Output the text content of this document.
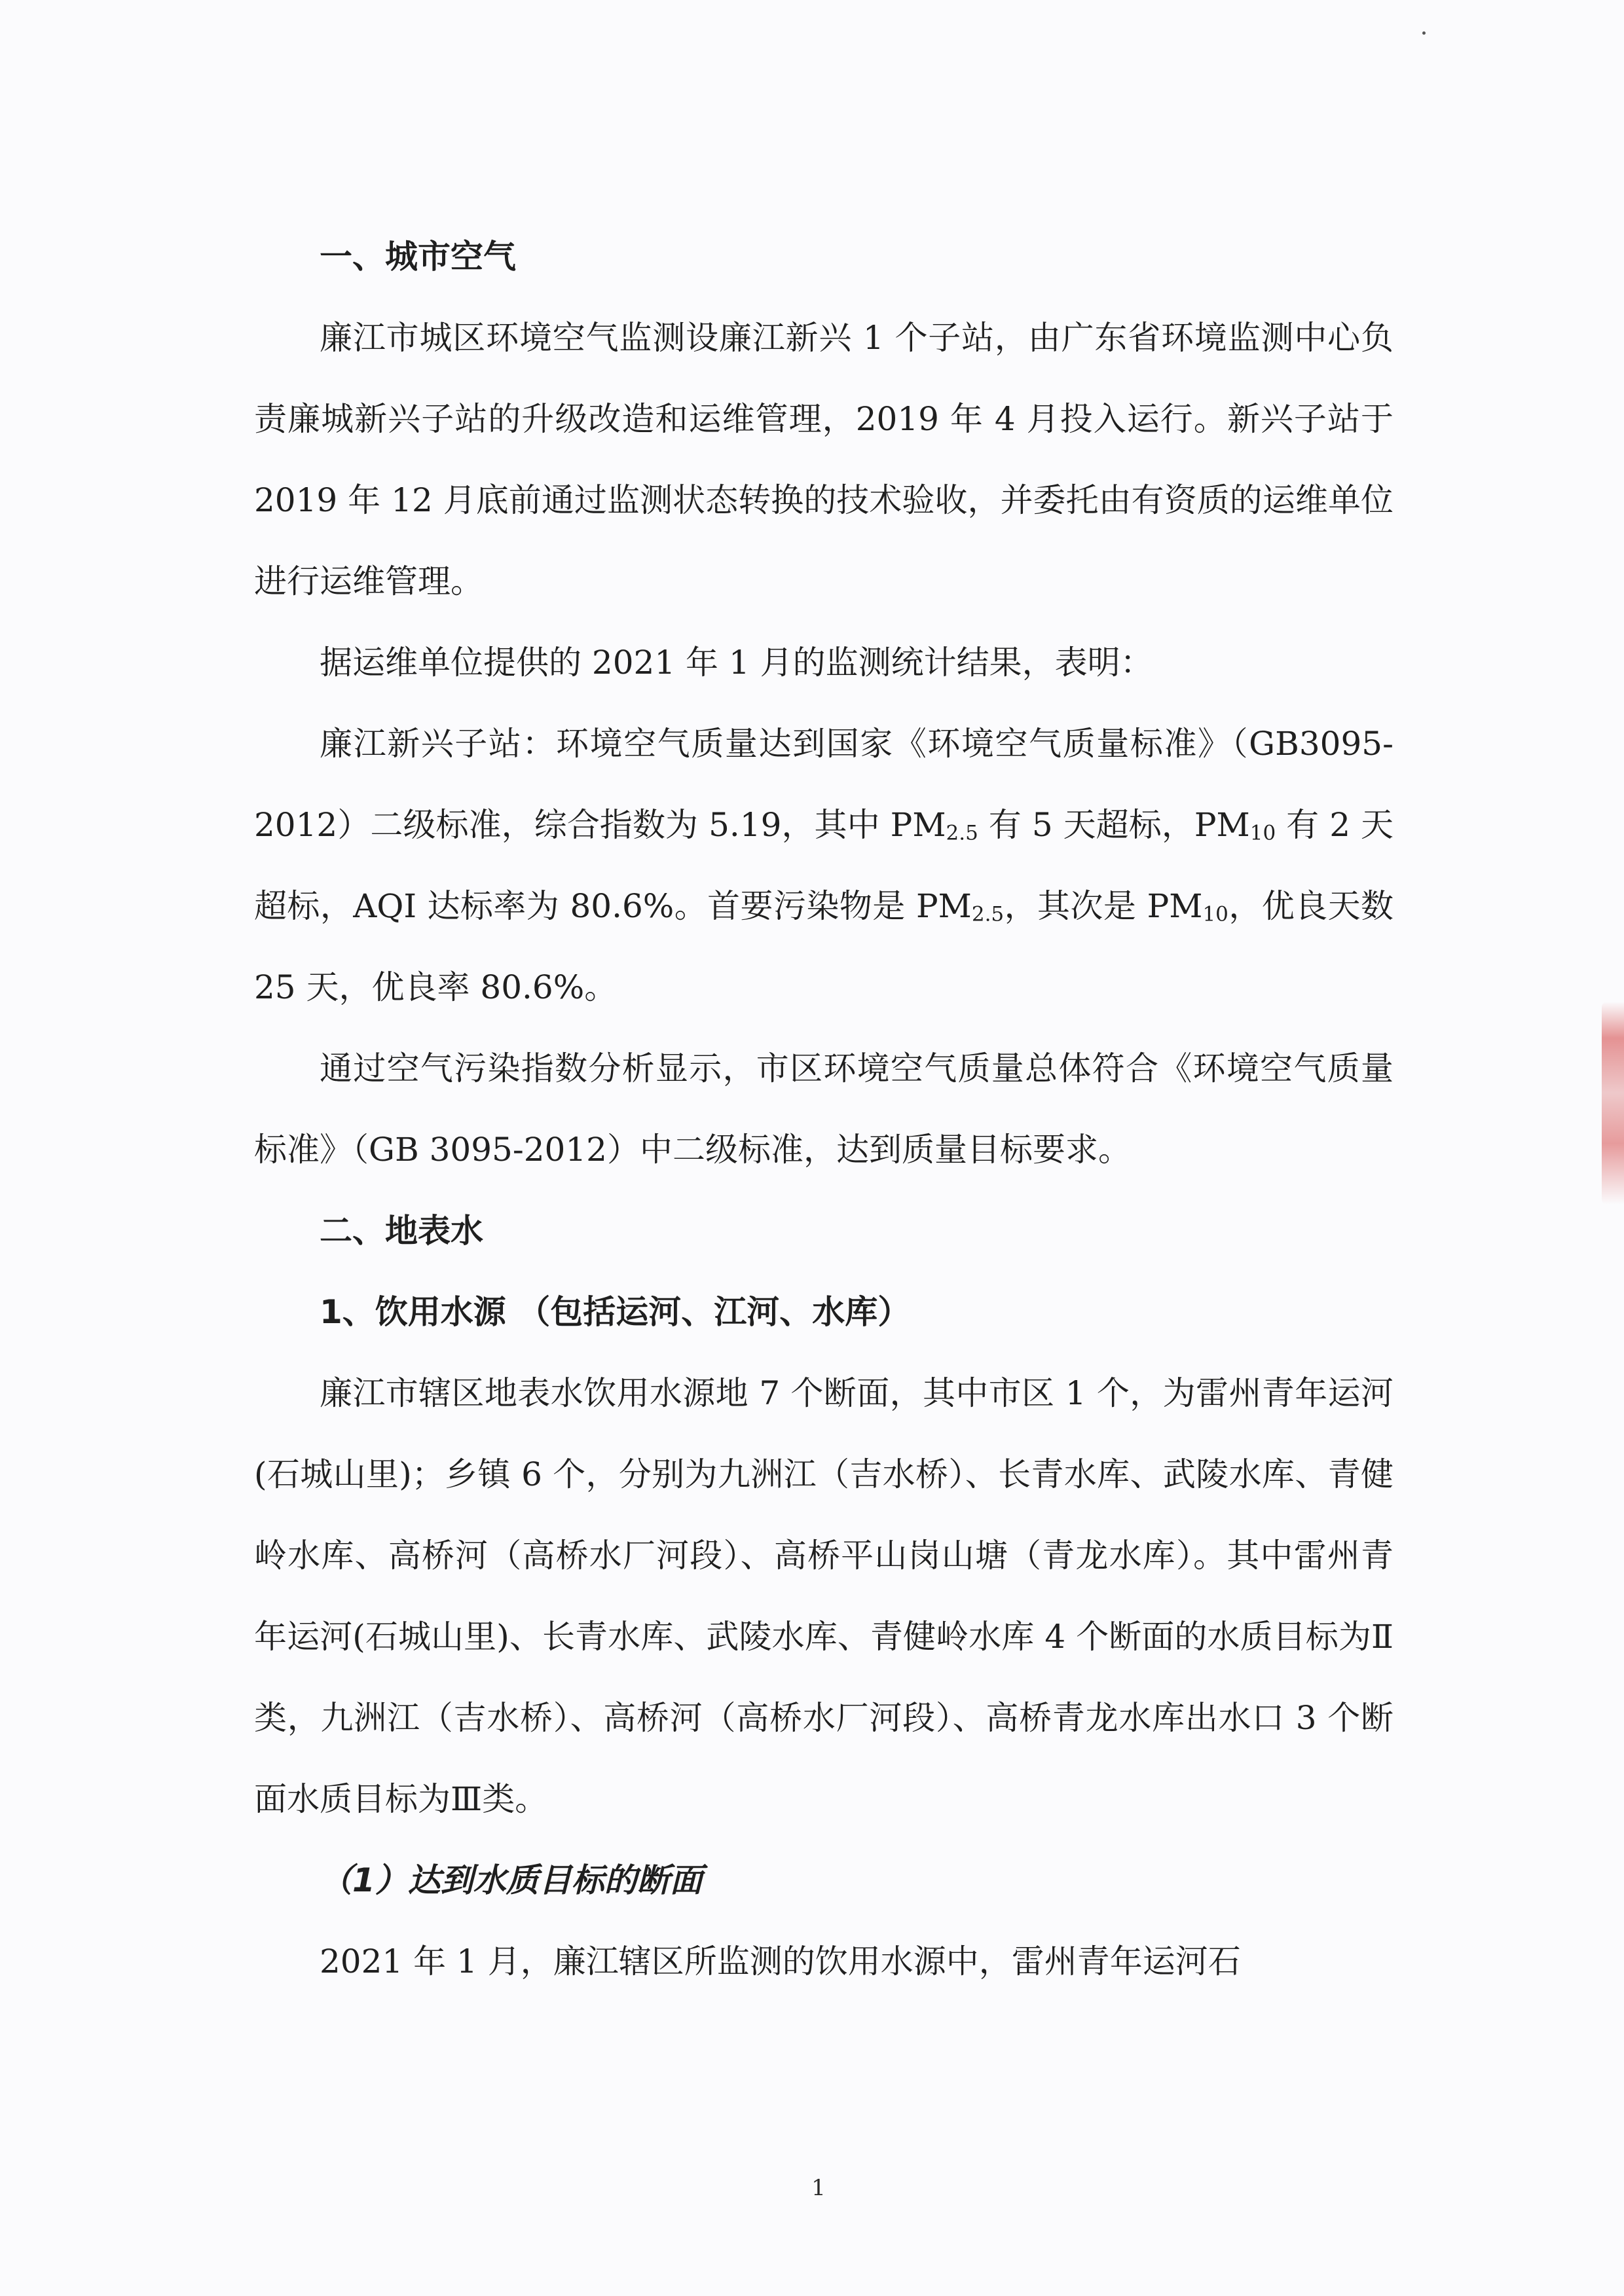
一、城市空气

廉江市城区环境空气监测设廉江新兴 1 个子站，由广东省环境监测中心负责廉城新兴子站的升级改造和运维管理，2019 年 4 月投入运行。新兴子站于 2019 年 12 月底前通过监测状态转换的技术验收，并委托由有资质的运维单位进行运维管理。

据运维单位提供的 2021 年 1 月的监测统计结果，表明：

廉江新兴子站：环境空气质量达到国家《环境空气质量标准》（GB3095-2012）二级标准，综合指数为 5.19，其中 $PM_{2.5}$ 有 5 天超标，$PM_{10}$ 有 2 天超标，AQI 达标率为 80.6%。首要污染物是 $PM_{2.5}$，其次是 $PM_{10}$，优良天数 25 天，优良率 80.6%。

通过空气污染指数分析显示，市区环境空气质量总体符合《环境空气质量标准》（GB 3095-2012）中二级标准，达到质量目标要求。

二、地表水

1、饮用水源 （包括运河、江河、水库）

廉江市辖区地表水饮用水源地 7 个断面，其中市区 1 个，为雷州青年运河(石城山里)；乡镇 6 个，分别为九洲江（吉水桥）、长青水库、武陵水库、青健岭水库、高桥河（高桥水厂河段）、高桥平山岗山塘（青龙水库）。其中雷州青年运河(石城山里)、长青水库、武陵水库、青健岭水库 4 个断面的水质目标为Ⅱ类，九洲江（吉水桥）、高桥河（高桥水厂河段）、高桥青龙水库出水口 3 个断面水质目标为Ⅲ类。

（1）达到水质目标的断面

2021 年 1 月，廉江辖区所监测的饮用水源中，雷州青年运河石

1
